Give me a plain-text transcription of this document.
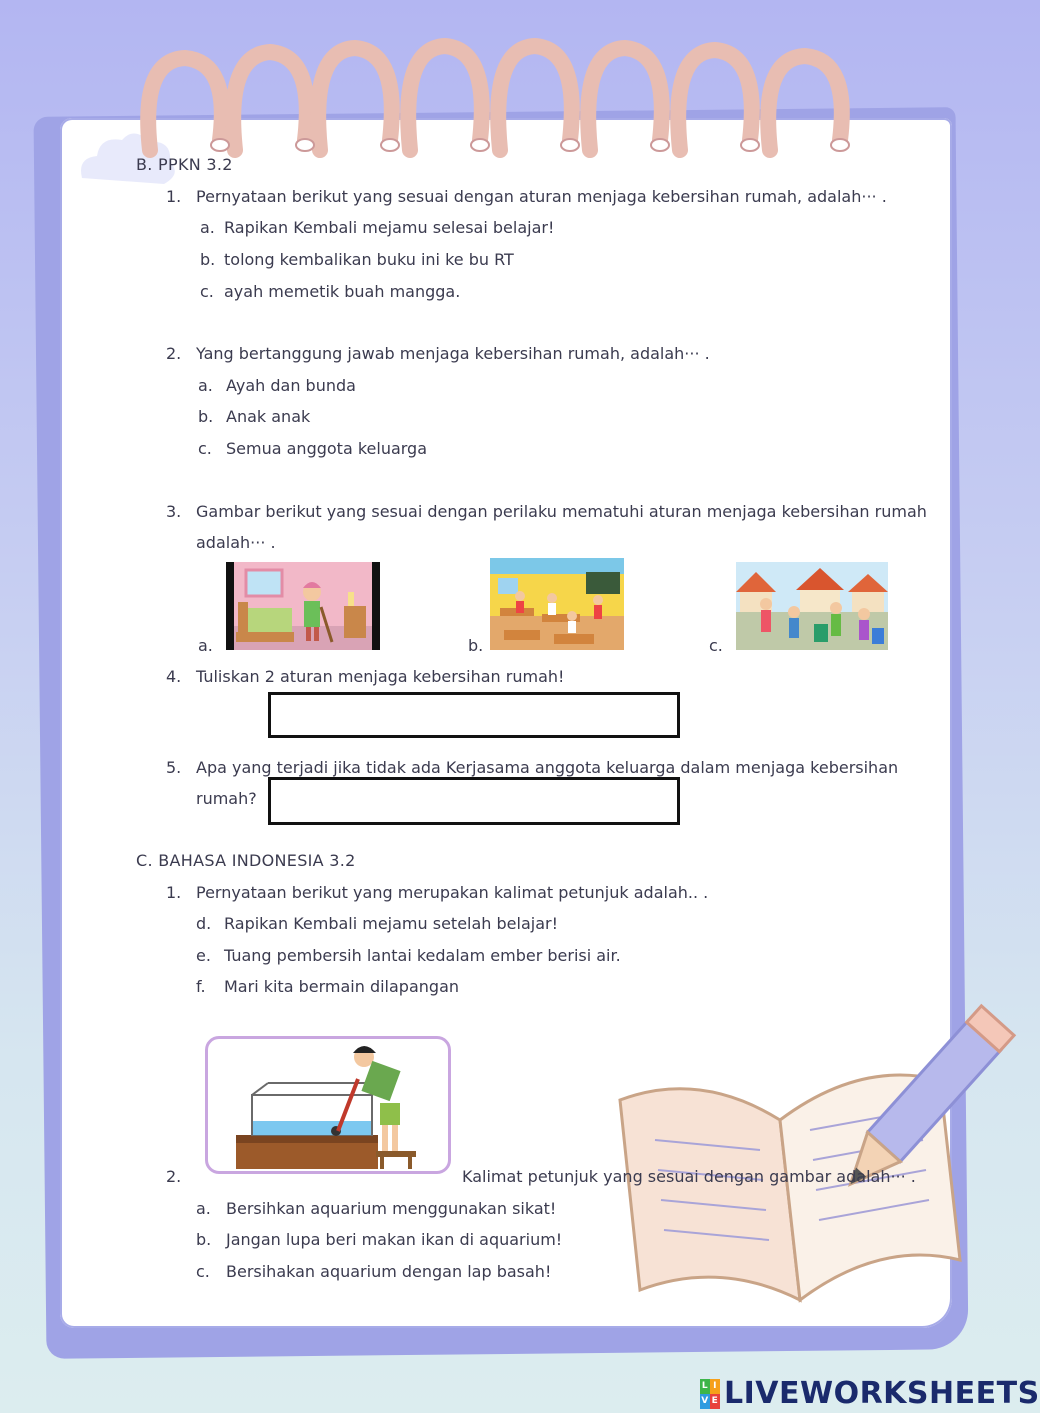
B. PPKN 3.2
1. Pernyataan berikut yang sesuai dengan aturan menjaga kebersihan rumah, adalah··· .
a. Rapikan Kembali mejamu selesai belajar!
b. tolong kembalikan buku ini ke bu RT
c. ayah memetik buah mangga.
2. Yang bertanggung jawab menjaga kebersihan rumah, adalah··· .
a. Ayah dan bunda
b. Anak anak
c. Semua anggota keluarga
3. Gambar berikut yang sesuai dengan perilaku mematuhi aturan menjaga kebersihan rumah
adalah··· .
a.	b.	c.
4. Tuliskan 2 aturan menjaga kebersihan rumah!
5. Apa yang terjadi jika tidak ada Kerjasama anggota keluarga dalam menjaga kebersihan
rumah?
C. BAHASA INDONESIA 3.2
1. Pernyataan berikut yang merupakan kalimat petunjuk adalah.. .
d. Rapikan Kembali mejamu setelah belajar!
e. Tuang pembersih lantai kedalam ember berisi air.
f. Mari kita bermain dilapangan
2.	Kalimat petunjuk yang sesuai dengan gambar adalah··· .
a. Bersihkan aquarium menggunakan sikat!
b. Jangan lupa beri makan ikan di aquarium!
c. Bersihakan aquarium dengan lap basah!
L I
V E LIVEWORKSHEETS
